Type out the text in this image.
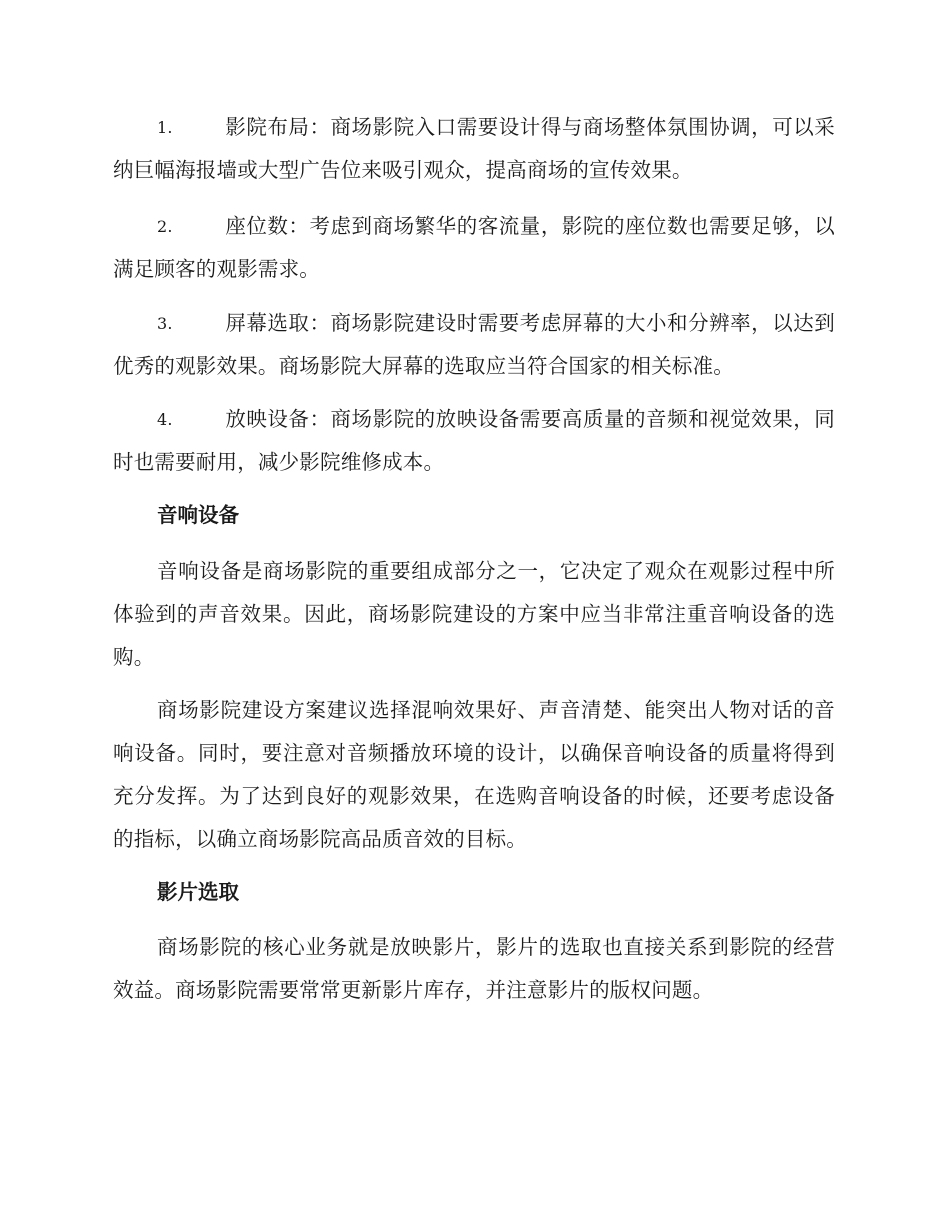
1.	影院布局：商场影院入口需要设计得与商场整体氛围协调，可以采纳巨幅海报墙或大型广告位来吸引观众，提高商场的宣传效果。
2.	座位数：考虑到商场繁华的客流量，影院的座位数也需要足够，以满足顾客的观影需求。
3.	屏幕选取：商场影院建设时需要考虑屏幕的大小和分辨率，以达到优秀的观影效果。商场影院大屏幕的选取应当符合国家的相关标准。
4.	放映设备：商场影院的放映设备需要高质量的音频和视觉效果，同时也需要耐用，减少影院维修成本。
音响设备
音响设备是商场影院的重要组成部分之一，它决定了观众在观影过程中所体验到的声音效果。因此，商场影院建设的方案中应当非常注重音响设备的选购。
商场影院建设方案建议选择混响效果好、声音清楚、能突出人物对话的音响设备。同时，要注意对音频播放环境的设计，以确保音响设备的质量将得到充分发挥。为了达到良好的观影效果，在选购音响设备的时候，还要考虑设备的指标，以确立商场影院高品质音效的目标。
影片选取
商场影院的核心业务就是放映影片，影片的选取也直接关系到影院的经营效益。商场影院需要常常更新影片库存，并注意影片的版权问题。
